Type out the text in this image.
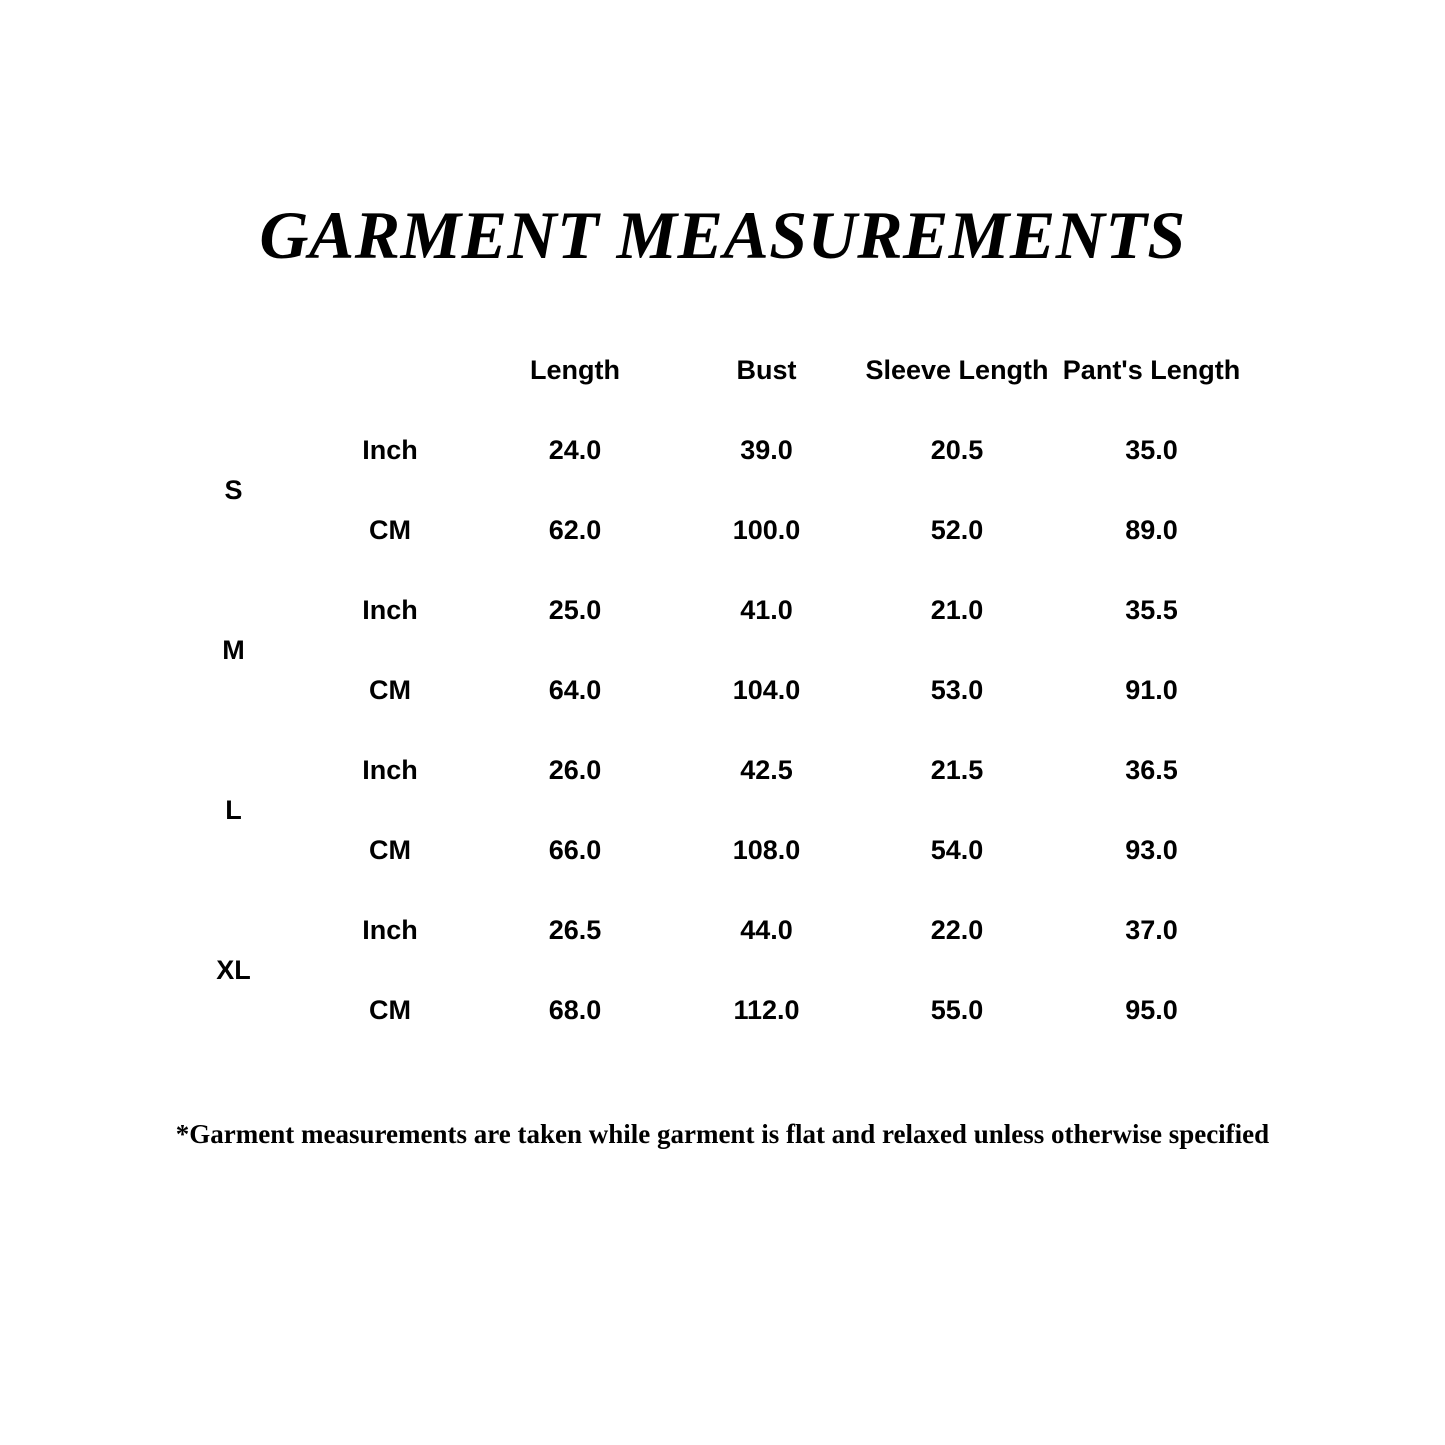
GARMENT MEASUREMENTS
Unit: $\frac{\text{Inch}}{CM}$		Length	Bust	Sleeve Length	Pant's Length
S	Inch	24.0	39.0	20.5	35.0
	CM	62.0	100.0	52.0	89.0
M	Inch	25.0	41.0	21.0	35.5
	CM	64.0	104.0	53.0	91.0
L	Inch	26.0	42.5	21.5	36.5
	CM	66.0	108.0	54.0	93.0
XL	Inch	26.5	44.0	22.0	37.0
	CM	68.0	112.0	55.0	95.0
*Garment measurements are taken while garment is flat and relaxed unless otherwise specified
